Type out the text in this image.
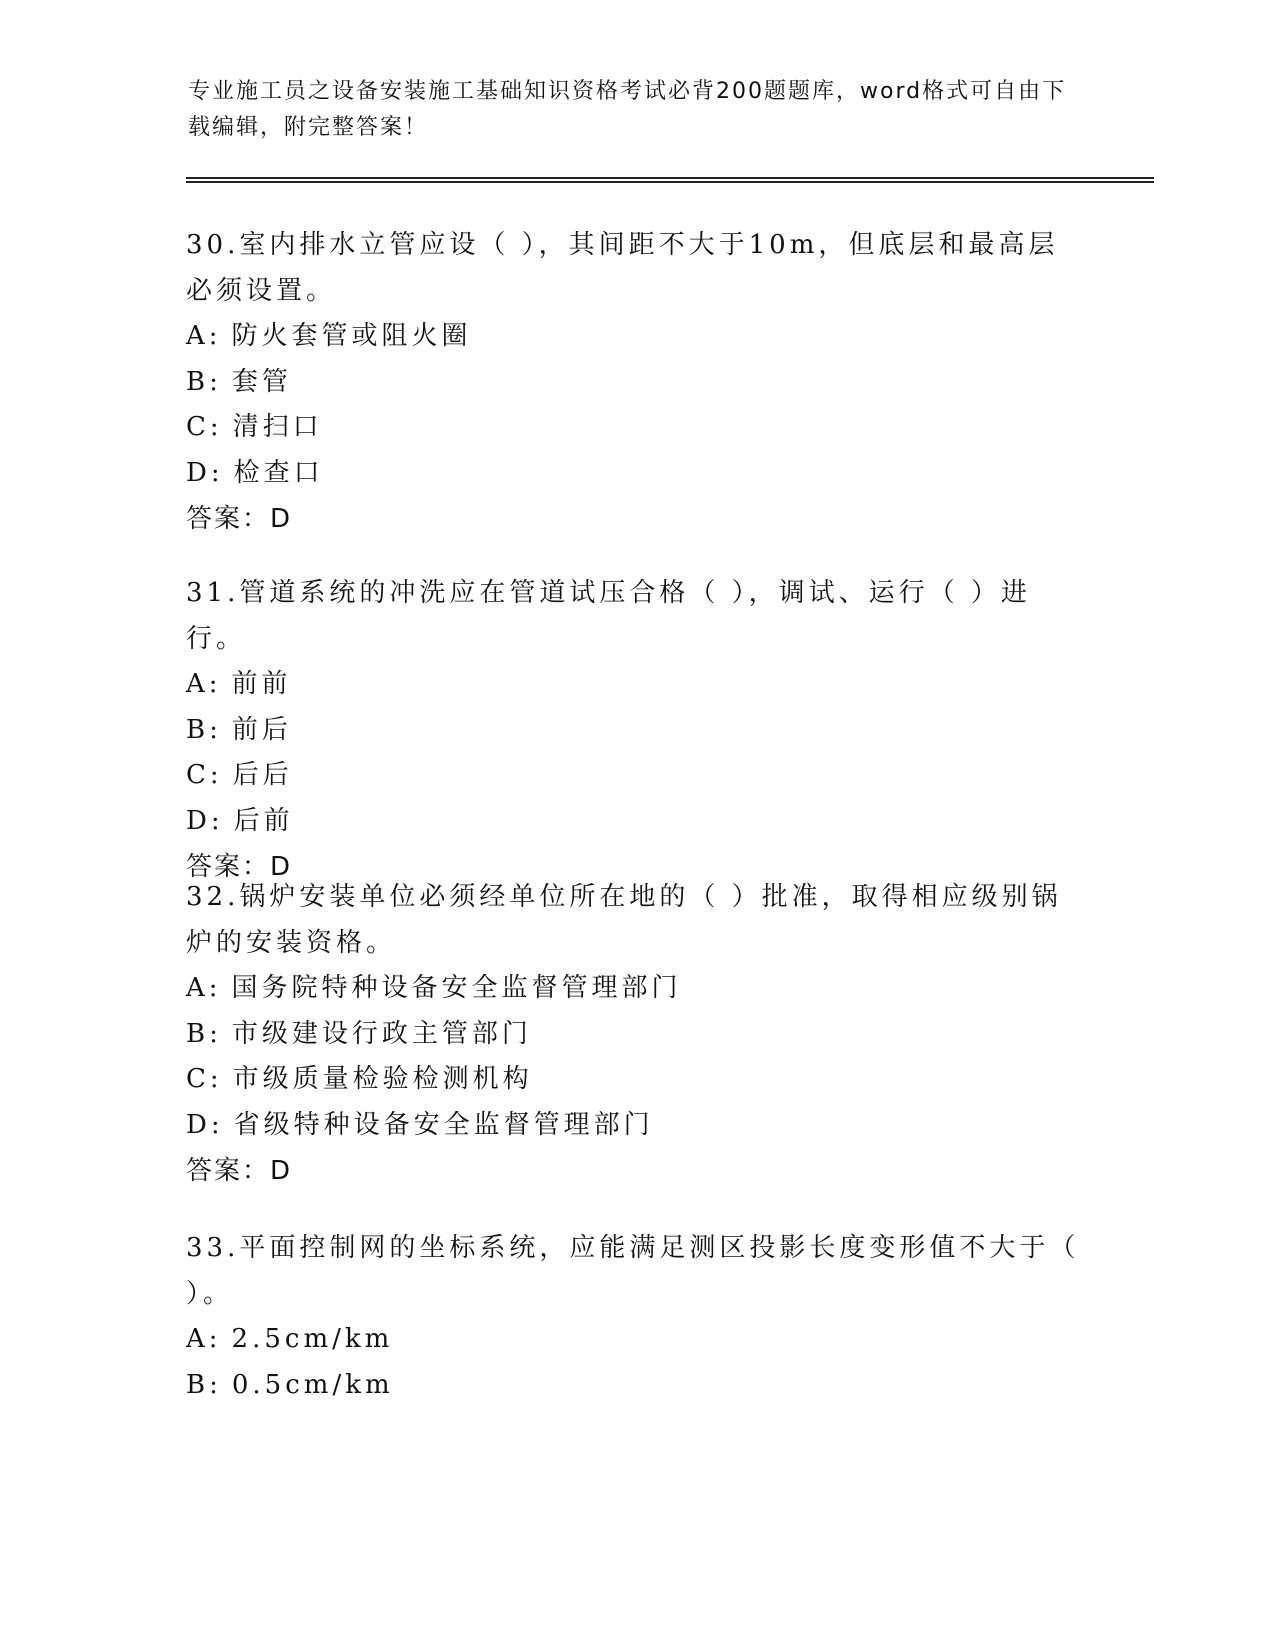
专业施工员之设备安装施工基础知识资格考试必背200题题库，word格式可自由下载编辑，附完整答案！

30.室内排水立管应设（ ），其间距不大于10m，但底层和最高层必须设置。

A: 防火套管或阻火圈

B: 套管

C: 清扫口

D: 检查口

答案：D

31.管道系统的冲洗应在管道试压合格（ ），调试、运行（ ）进行。

A: 前前

B: 前后

C: 后后

D: 后前

答案：D

32.锅炉安装单位必须经单位所在地的（ ）批准，取得相应级别锅炉的安装资格。

A: 国务院特种设备安全监督管理部门

B: 市级建设行政主管部门

C: 市级质量检验检测机构

D: 省级特种设备安全监督管理部门

答案：D

33.平面控制网的坐标系统，应能满足测区投影长度变形值不大于（ ）。

A: 2.5cm/km

B: 0.5cm/km
